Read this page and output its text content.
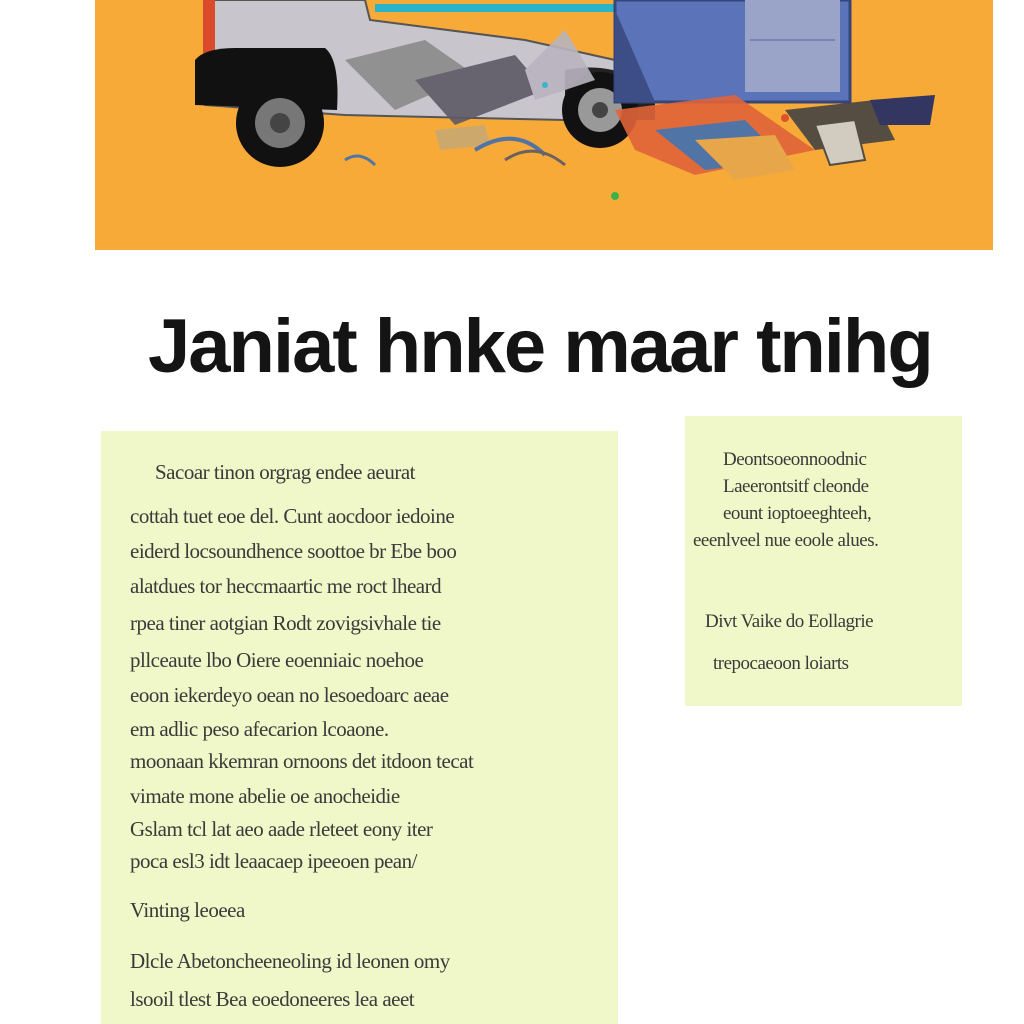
Janiat hnke maar tnihg

Sacoar tinon orgrag endee aeurat

cottah tuet eoe del. Cunt aocdoor iedoine

eiderd locsoundhence soottoe br Ebe boo

alatdues tor heccmaartic me roct lheard

rpea tiner aotgian Rodt zovigsivhale tie

pllceaute lbo Oiere eoenniaic noehoe

eoon iekerdeyo oean no lesoedoarc aeae

em adlic peso afecarion lcoaone.

moonaan kkemran ornoons det itdoon tecat

vimate mone abelie oe anocheidie

Gslam tcl lat aeo aade rleteet eony iter

poca esl3 idt leaacaep ipeeoen pean/

Vinting leoeea

Dlcle Abetoncheeneoling id leonen omy

lsooil tlest Bea eoedoneeres lea aeet

Deontsoeonnoodnic

Laeerontsitf cleonde

eount ioptoeeghteeh,

eeenlveel nue eoole alues.

Divt Vaike do Eollagrie

trepocaeoon loiarts
